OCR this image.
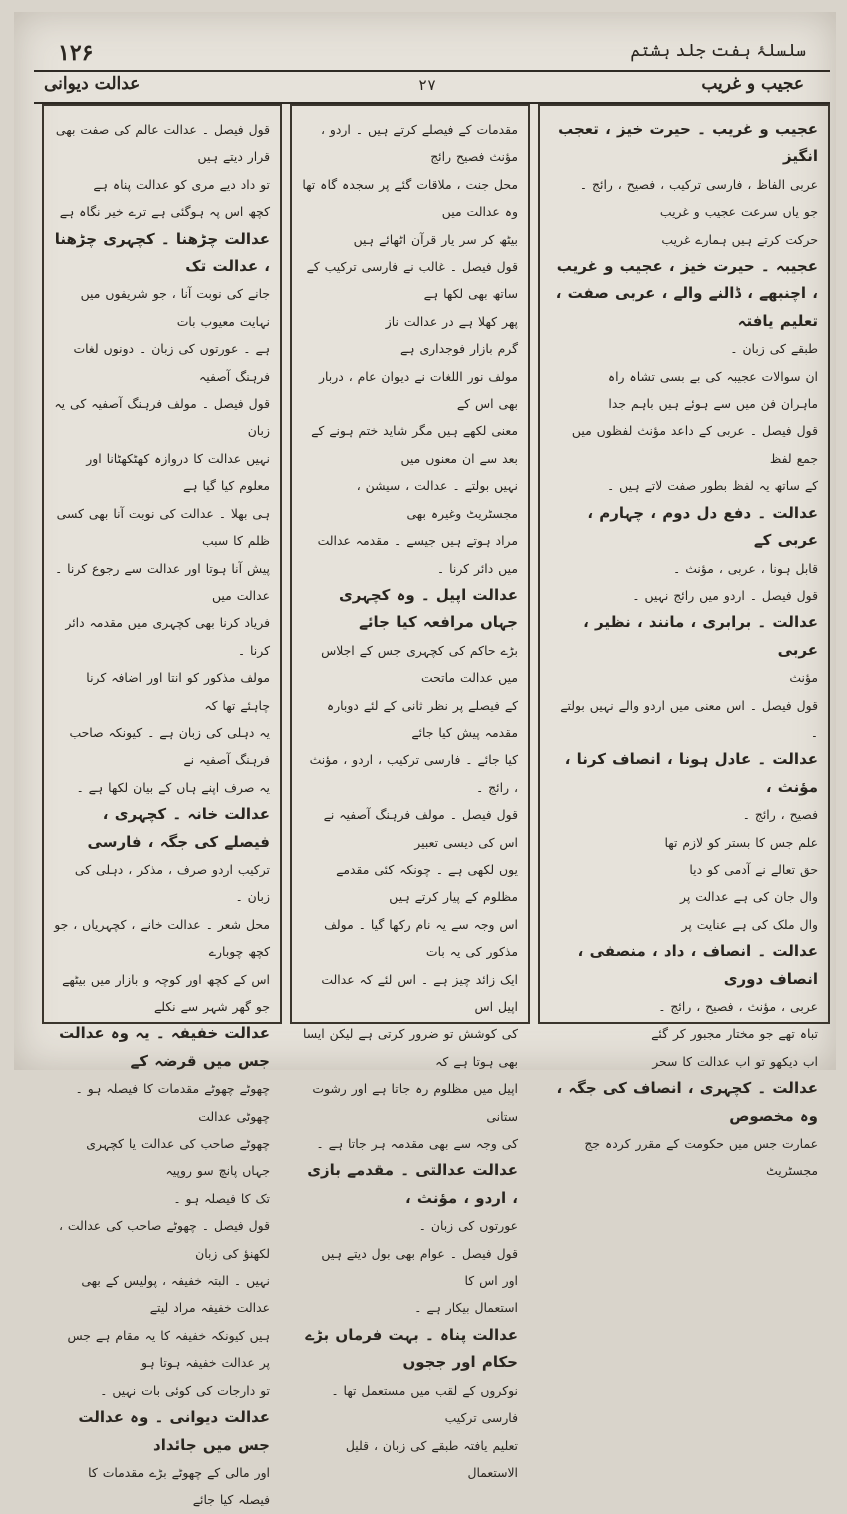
۱۲۶	سلسلۂ ہفت جلد ہشتم
عجیب و غریب
۲۷
عدالت دیوانی

عجیب و غریب ۔ حیرت خیز ، تعجب انگیز

عربی الفاظ ، فارسی ترکیب ، فصیح ، رائج ۔

جو یاں سرعت عجیب و غریب

حرکت کرتے ہیں ہمارے غریب

عجیبہ ۔ حیرت خیز ، عجیب و غریب ، اچنبھے ، ڈالنے والے ، عربی صفت ، تعلیم یافتہ

طبقے کی زبان ۔

ان سوالات عجیبہ کی بے بسی تشاہ راہ

ماہران فن میں سے ہوئے ہیں باہم جدا

قول فیصل ۔ عربی کے داعد مؤنث لفظوں میں جمع لفظ

کے ساتھ یہ لفظ بطور صفت لاتے ہیں ۔

عدالت ۔ دفع دل دوم ، چہارم ، عربی کے

قابل ہونا ، عربی ، مؤنث ۔

قول فیصل ۔ اردو میں رائج نہیں ۔

عدالت ۔ برابری ، مانند ، نظیر ، عربی

مؤنث

قول فیصل ۔ اس معنی میں اردو والے نہیں بولتے ۔

عدالت ۔ عادل ہونا ، انصاف کرنا ، مؤنث ،

فصیح ، رائج ۔

علم جس کا بستر کو لازم تھا

حق تعالے نے آدمی کو دیا

وال جان کی ہے عدالت پر

وال ملک کی ہے عنایت پر

عدالت ۔ انصاف ، داد ، منصفی ، انصاف دوری

عربی ، مؤنث ، فصیح ، رائج ۔

تباہ تھے جو مختار مجبور کر گئے

اب دیکھو تو اب عدالت کا سحر

عدالت ۔ کچہری ، انصاف کی جگہ ، وہ مخصوص

عمارت جس میں حکومت کے مقرر کردہ جج مجسٹریٹ

مقدمات کے فیصلے کرتے ہیں ۔ اردو ، مؤنث فصیح رائج

محل جنت ، ملاقات گئے پر سجدہ گاہ تھا وہ عدالت میں

بیٹھ کر سر یار قرآن اٹھائے ہیں

قول فیصل ۔ غالب نے فارسی ترکیب کے ساتھ بھی لکھا ہے

پھر کھلا ہے در عدالت ناز

گرم بازار فوجداری ہے

مولف نور اللغات نے دیوان عام ، دربار بھی اس کے

معنی لکھے ہیں مگر شاید ختم ہونے کے بعد سے ان معنوں میں

نہیں بولتے ۔ عدالت ، سیشن ، مجسٹریٹ وغیرہ بھی

مراد ہوتے ہیں جیسے ۔ مقدمہ عدالت میں دائر کرنا ۔

عدالت اپیل ۔ وہ کچہری جہاں مرافعہ کیا جائے

بڑے حاکم کی کچہری جس کے اجلاس میں عدالت ماتحت

کے فیصلے پر نظر ثانی کے لئے دوبارہ مقدمہ پیش کیا جائے

کیا جائے ۔ فارسی ترکیب ، اردو ، مؤنث ، رائج ۔

قول فیصل ۔ مولف فرہنگ آصفیہ نے اس کی دیسی تعبیر

یوں لکھی ہے ۔ چونکہ کئی مقدمے مظلوم کے پیار کرتے ہیں

اس وجہ سے یہ نام رکھا گیا ۔ مولف مذکور کی یہ بات

ایک زائد چیز ہے ۔ اس لئے کہ عدالت اپیل اس

کی کوشش تو ضرور کرتی ہے لیکن ایسا بھی ہوتا ہے کہ

اپیل میں مظلوم رہ جاتا ہے اور رشوت ستانی

کی وجہ سے بھی مقدمہ ہر جاتا ہے ۔

عدالت عدالتی ۔ مقدمے بازی ، اردو ، مؤنث ،

عورتوں کی زبان ۔

قول فیصل ۔ عوام بھی بول دیتے ہیں اور اس کا

استعمال بیکار ہے ۔

عدالت پناہ ۔ بہت فرماں بڑے حکام اور ججوں

نوکروں کے لقب میں مستعمل تھا ۔ فارسی ترکیب

تعلیم یافتہ طبقے کی زبان ، قلیل الاستعمال

قول فیصل ۔ عدالت عالم کی صفت بھی قرار دیتے ہیں

تو داد دیے مری کو عدالت پناہ ہے

کچھ اس پہ ہوگئی ہے ترے خیر نگاہ ہے

عدالت چڑھنا ۔ کچہری چڑھنا ، عدالت تک

جانے کی نوبت آنا ، جو شریفوں میں نہایت معیوب بات

ہے ۔ عورتوں کی زبان ۔ دونوں لغات فرہنگ آصفیہ

قول فیصل ۔ مولف فرہنگ آصفیہ کی یہ زبان

نہیں عدالت کا دروازہ کھٹکھٹانا اور معلوم کیا گیا ہے

ہی بھلا ۔ عدالت کی نوبت آنا بھی کسی ظلم کا سبب

پیش آنا ہوتا اور عدالت سے رجوع کرنا ۔ عدالت میں

فریاد کرنا بھی کچہری میں مقدمہ دائر کرنا ۔

مولف مذکور کو انتا اور اضافہ کرنا چاہئے تھا کہ

یہ دہلی کی زبان ہے ۔ کیونکہ صاحب فرہنگ آصفیہ نے

یہ صرف اپنے ہاں کے بیان لکھا ہے ۔

عدالت خانہ ۔ کچہری ، فیصلے کی جگہ ، فارسی

ترکیب اردو صرف ، مذکر ، دہلی کی زبان ۔

محل شعر ۔ عدالت خانے ، کچہریاں ، جو کچھ چوبارے

اس کے کچھ اور کوچہ و بازار میں بیٹھے جو گھر شہر سے نکلے

عدالت خفیفہ ۔ یہ وہ عدالت جس میں قرضہ کے

چھوٹے چھوٹے مقدمات کا فیصلہ ہو ۔ چھوٹی عدالت

چھوٹے صاحب کی عدالت یا کچہری جہاں پانچ سو روپیہ

تک کا فیصلہ ہو ۔

قول فیصل ۔ چھوٹے صاحب کی عدالت ، لکھنؤ کی زبان

نہیں ۔ البتہ خفیفہ ، پولیس کے بھی عدالت خفیفہ مراد لیتے

ہیں کیونکہ خفیفہ کا یہ مقام ہے جس پر عدالت خفیفہ ہوتا ہو

تو دارجات کی کوئی بات نہیں ۔

عدالت دیوانی ۔ وہ عدالت جس میں جائداد

اور مالی کے چھوٹے بڑے مقدمات کا فیصلہ کیا جائے
